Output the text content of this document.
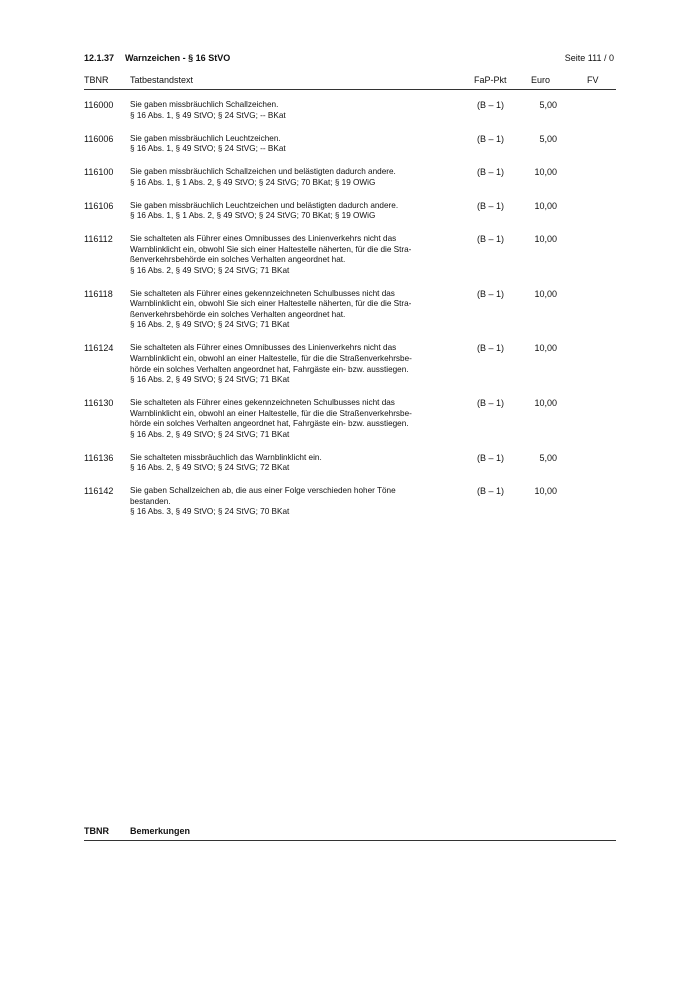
12.1.37 Warnzeichen - § 16 StVO	Seite 111 / 0
TBNR Tatbestandstext	FaP-Pkt	Euro	FV
116000 Sie gaben missbräuchlich Schallzeichen.
§ 16 Abs. 1, § 49 StVO; § 24 StVG; -- BKat
(B – 1)	5,00
116006 Sie gaben missbräuchlich Leuchtzeichen.
§ 16 Abs. 1, § 49 StVO; § 24 StVG; -- BKat
(B – 1)	5,00
116100 Sie gaben missbräuchlich Schallzeichen und belästigten dadurch andere.
§ 16 Abs. 1, § 1 Abs. 2, § 49 StVO; § 24 StVG; 70 BKat; § 19 OWiG
(B – 1)	10,00
116106 Sie gaben missbräuchlich Leuchtzeichen und belästigten dadurch andere.
§ 16 Abs. 1, § 1 Abs. 2, § 49 StVO; § 24 StVG; 70 BKat; § 19 OWiG
(B – 1)	10,00
116112 Sie schalteten als Führer eines Omnibusses des Linienverkehrs nicht das
Warnblinklicht ein, obwohl Sie sich einer Haltestelle näherten, für die die Stra-
ßenverkehrsbehörde ein solches Verhalten angeordnet hat.
§ 16 Abs. 2, § 49 StVO; § 24 StVG; 71 BKat
(B – 1)	10,00
116118 Sie schalteten als Führer eines gekennzeichneten Schulbusses nicht das
Warnblinklicht ein, obwohl Sie sich einer Haltestelle näherten, für die die Stra-
ßenverkehrsbehörde ein solches Verhalten angeordnet hat.
§ 16 Abs. 2, § 49 StVO; § 24 StVG; 71 BKat
(B – 1)	10,00
116124 Sie schalteten als Führer eines Omnibusses des Linienverkehrs nicht das
Warnblinklicht ein, obwohl an einer Haltestelle, für die die Straßenverkehrsbe-
hörde ein solches Verhalten angeordnet hat, Fahrgäste ein- bzw. ausstiegen.
§ 16 Abs. 2, § 49 StVO; § 24 StVG; 71 BKat
(B – 1)	10,00
116130 Sie schalteten als Führer eines gekennzeichneten Schulbusses nicht das
Warnblinklicht ein, obwohl an einer Haltestelle, für die die Straßenverkehrsbe-
hörde ein solches Verhalten angeordnet hat, Fahrgäste ein- bzw. ausstiegen.
§ 16 Abs. 2, § 49 StVO; § 24 StVG; 71 BKat
(B – 1)	10,00
116136 Sie schalteten missbräuchlich das Warnblinklicht ein.
§ 16 Abs. 2, § 49 StVO; § 24 StVG; 72 BKat
(B – 1)	5,00
116142 Sie gaben Schallzeichen ab, die aus einer Folge verschieden hoher Töne
bestanden.
§ 16 Abs. 3, § 49 StVO; § 24 StVG; 70 BKat
(B – 1)	10,00
TBNR Bemerkungen
